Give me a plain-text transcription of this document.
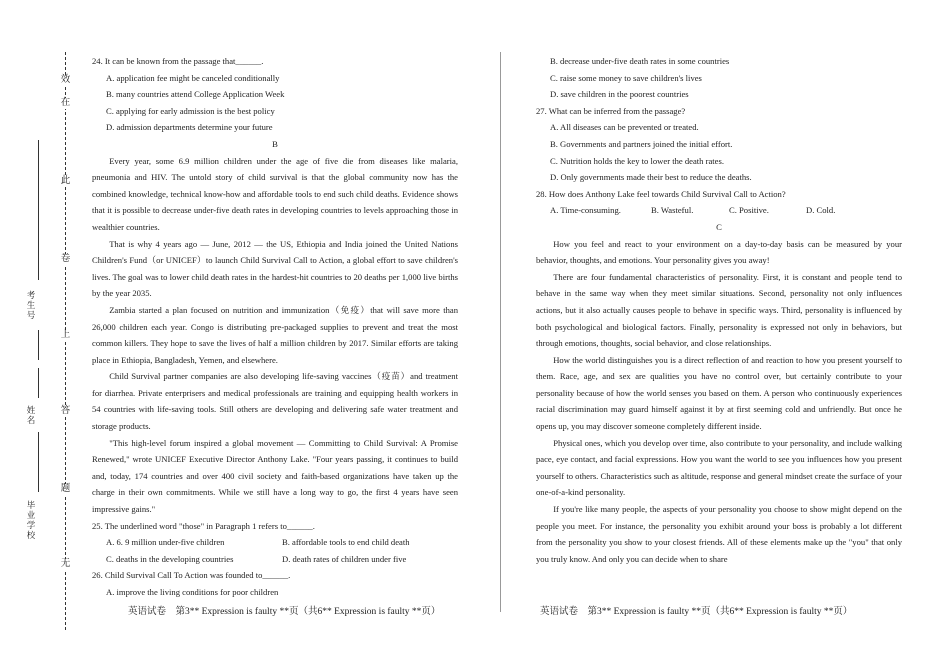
效
在
此
卷
上
答
题
无
考生号
姓名
毕业学校

24. It can be known from the passage that______.

A. application fee might be canceled conditionally

B. many countries attend College Application Week

C. applying for early admission is the best policy

D. admission departments determine your future

B

Every year, some 6.9 million children under the age of five die from diseases like malaria, pneumonia and HIV. The untold story of child survival is that the global community now has the combined knowledge, technical know-how and affordable tools to end such child deaths. Evidence shows that it is possible to decrease under-five death rates in developing countries to levels approaching those in wealthier countries.

That is why 4 years ago — June, 2012 — the US, Ethiopia and India joined the United Nations Children's Fund（or UNICEF）to launch Child Survival Call to Action, a global effort to save children's lives. The goal was to lower child death rates in the hardest-hit countries to 20 deaths per 1,000 live births by the year 2035.

Zambia started a plan focused on nutrition and immunization（免疫）that will save more than 26,000 children each year. Congo is distributing pre-packaged supplies to prevent and treat the most common killers. They hope to save the lives of half a million children by 2017. Similar efforts are taking place in Ethiopia, Bangladesh, Yemen, and elsewhere.

Child Survival partner companies are also developing life-saving vaccines（疫苗）and treatment for diarrhea. Private enterprisers and medical professionals are training and equipping health workers in 54 countries with life-saving tools. Still others are developing and delivering safe water treatment and storage products.

"This high-level forum inspired a global movement — Committing to Child Survival: A Promise Renewed," wrote UNICEF Executive Director Anthony Lake. "Four years passing, it continues to build and, today, 174 countries and over 400 civil society and faith-based organizations have taken up the charge in their own commitments. While we still have a long way to go, the first 4 years have seen impressive gains."

25. The underlined word "those" in Paragraph 1 refers to______.

A. 6. 9 million under-five children	B. affordable tools to end child death
C. deaths in the developing countries	D. death rates of children under five

26. Child Survival Call To Action was founded to______.

A. improve the living conditions for poor children

英语试卷　第3** Expression is faulty **页（共6** Expression is faulty **页）

B. decrease under-five death rates in some countries

C. raise some money to save children's lives

D. save children in the poorest countries

27. What can be inferred from the passage?

A. All diseases can be prevented or treated.

B. Governments and partners joined the initial effort.

C. Nutrition holds the key to lower the death rates.

D. Only governments made their best to reduce the deaths.

28. How does Anthony Lake feel towards Child Survival Call to Action?

A. Time-consuming.	B. Wasteful.	C. Positive.	D. Cold.

C

How you feel and react to your environment on a day-to-day basis can be measured by your behavior, thoughts, and emotions. Your personality gives you away!

There are four fundamental characteristics of personality. First, it is constant and people tend to behave in the same way when they meet similar situations. Second, personality not only influences actions, but it also actually causes people to behave in specific ways. Third, personality is influenced by both psychological and biological factors. Finally, personality is expressed not only in behaviors, but through emotions, thoughts, social behavior, and close relationships.

How the world distinguishes you is a direct reflection of and reaction to how you present yourself to them. Race, age, and sex are qualities you have no control over, but certainly contribute to your personality because of how the world senses you based on them. A person who continuously experiences racial discrimination may guard himself against it by at first seeming cold and unfriendly. But once he opens up, you may discover someone completely different inside.

Physical ones, which you develop over time, also contribute to your personality, and include walking pace, eye contact, and facial expressions. How you want the world to see you influences how you present yourself to others. Characteristics such as altitude, response and general mindset create the surface of your one-of-a-kind personality.

If you're like many people, the aspects of your personality you choose to show might depend on the people you meet. For instance, the personality you exhibit around your boss is probably a lot different from the personality you show to your closest friends. All of these elements make up the "you" that only you truly know. And only you can decide when to share

英语试卷　第3** Expression is faulty **页（共6** Expression is faulty **页）
